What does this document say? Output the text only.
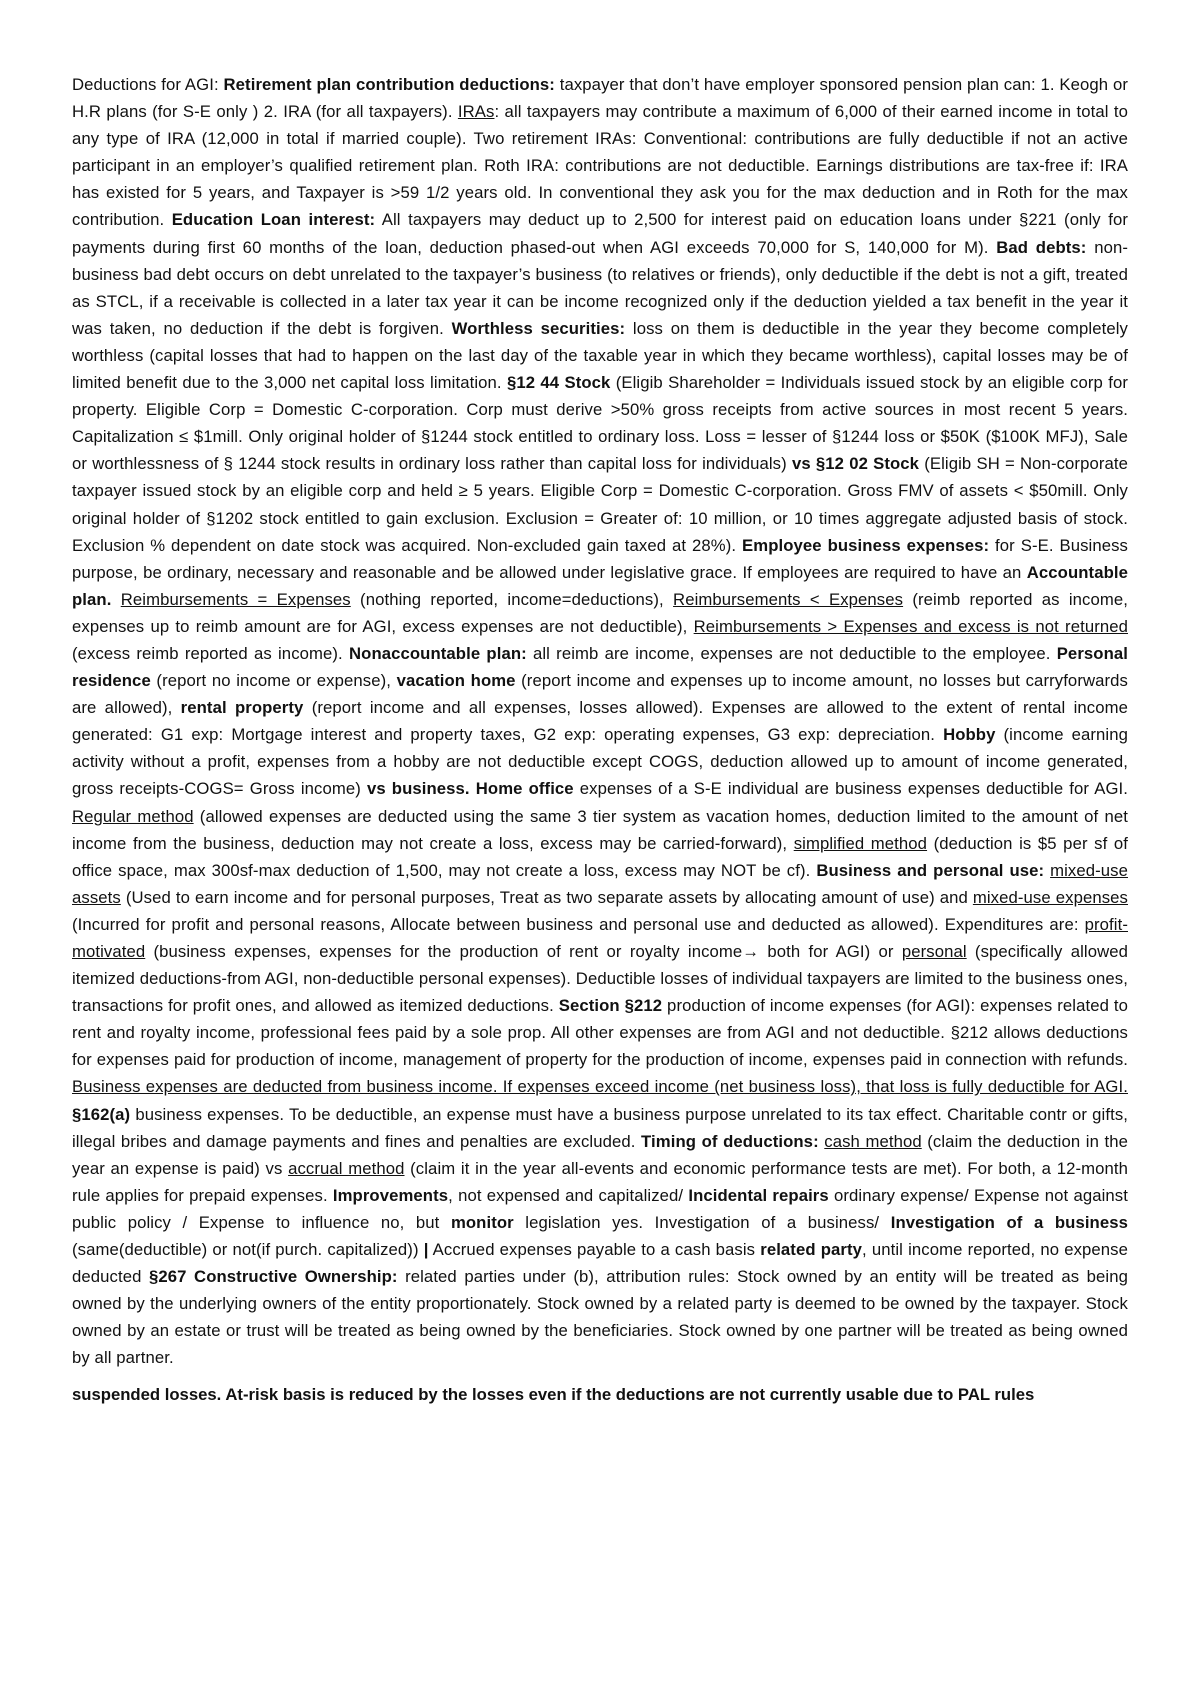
Deductions for AGI: Retirement plan contribution deductions: taxpayer that don’t have employer sponsored pension plan can: 1. Keogh or H.R plans (for S-E only ) 2. IRA (for all taxpayers). IRAs: all taxpayers may contribute a maximum of 6,000 of their earned income in total to any type of IRA (12,000 in total if married couple). Two retirement IRAs: Conventional: contributions are fully deductible if not an active participant in an employer’s qualified retirement plan. Roth IRA: contributions are not deductible. Earnings distributions are tax-free if: IRA has existed for 5 years, and Taxpayer is >59 1/2 years old. In conventional they ask you for the max deduction and in Roth for the max contribution. Education Loan interest: All taxpayers may deduct up to 2,500 for interest paid on education loans under §221 (only for payments during first 60 months of the loan, deduction phased-out when AGI exceeds 70,000 for S, 140,000 for M). Bad debts: non-business bad debt occurs on debt unrelated to the taxpayer’s business (to relatives or friends), only deductible if the debt is not a gift, treated as STCL, if a receivable is collected in a later tax year it can be income recognized only if the deduction yielded a tax benefit in the year it was taken, no deduction if the debt is forgiven. Worthless securities: loss on them is deductible in the year they become completely worthless (capital losses that had to happen on the last day of the taxable year in which they became worthless), capital losses may be of limited benefit due to the 3,000 net capital loss limitation. §12 44 Stock (Eligib Shareholder = Individuals issued stock by an eligible corp for property. Eligible Corp = Domestic C-corporation. Corp must derive >50% gross receipts from active sources in most recent 5 years. Capitalization ≤ $1mill. Only original holder of §1244 stock entitled to ordinary loss. Loss = lesser of §1244 loss or $50K ($100K MFJ), Sale or worthlessness of § 1244 stock results in ordinary loss rather than capital loss for individuals) vs §12 02 Stock (Eligib SH = Non-corporate taxpayer issued stock by an eligible corp and held ≥ 5 years. Eligible Corp = Domestic C-corporation. Gross FMV of assets < $50mill. Only original holder of §1202 stock entitled to gain exclusion. Exclusion = Greater of: 10 million, or 10 times aggregate adjusted basis of stock. Exclusion % dependent on date stock was acquired. Non-excluded gain taxed at 28%). Employee business expenses: for S-E. Business purpose, be ordinary, necessary and reasonable and be allowed under legislative grace. If employees are required to have an Accountable plan. Reimbursements = Expenses (nothing reported, income=deductions), Reimbursements < Expenses (reimb reported as income, expenses up to reimb amount are for AGI, excess expenses are not deductible), Reimbursements > Expenses and excess is not returned (excess reimb reported as income). Nonaccountable plan: all reimb are income, expenses are not deductible to the employee. Personal residence (report no income or expense), vacation home (report income and expenses up to income amount, no losses but carryforwards are allowed), rental property (report income and all expenses, losses allowed). Expenses are allowed to the extent of rental income generated: G1 exp: Mortgage interest and property taxes, G2 exp: operating expenses, G3 exp: depreciation. Hobby (income earning activity without a profit, expenses from a hobby are not deductible except COGS, deduction allowed up to amount of income generated, gross receipts-COGS= Gross income) vs business. Home office expenses of a S-E individual are business expenses deductible for AGI. Regular method (allowed expenses are deducted using the same 3 tier system as vacation homes, deduction limited to the amount of net income from the business, deduction may not create a loss, excess may be carried-forward), simplified method (deduction is $5 per sf of office space, max 300sf-max deduction of 1,500, may not create a loss, excess may NOT be cf). Business and personal use: mixed-use assets (Used to earn income and for personal purposes, Treat as two separate assets by allocating amount of use) and mixed-use expenses (Incurred for profit and personal reasons, Allocate between business and personal use and deducted as allowed). Expenditures are: profit-motivated (business expenses, expenses for the production of rent or royalty income→ both for AGI) or personal (specifically allowed itemized deductions-from AGI, non-deductible personal expenses). Deductible losses of individual taxpayers are limited to the business ones, transactions for profit ones, and allowed as itemized deductions. Section §212 production of income expenses (for AGI): expenses related to rent and royalty income, professional fees paid by a sole prop. All other expenses are from AGI and not deductible. §212 allows deductions for expenses paid for production of income, management of property for the production of income, expenses paid in connection with refunds. Business expenses are deducted from business income. If expenses exceed income (net business loss), that loss is fully deductible for AGI. §162(a) business expenses. To be deductible, an expense must have a business purpose unrelated to its tax effect. Charitable contr or gifts, illegal bribes and damage payments and fines and penalties are excluded. Timing of deductions: cash method (claim the deduction in the year an expense is paid) vs accrual method (claim it in the year all-events and economic performance tests are met). For both, a 12-month rule applies for prepaid expenses. Improvements, not expensed and capitalized/ Incidental repairs ordinary expense/ Expense not against public policy / Expense to influence no, but monitor legislation yes. Investigation of a business/ Investigation of a business (same(deductible) or not(if purch. capitalized)) | Accrued expenses payable to a cash basis related party, until income reported, no expense deducted §267 Constructive Ownership: related parties under (b), attribution rules: Stock owned by an entity will be treated as being owned by the underlying owners of the entity proportionately. Stock owned by a related party is deemed to be owned by the taxpayer. Stock owned by an estate or trust will be treated as being owned by the beneficiaries. Stock owned by one partner will be treated as being owned by all partner.

suspended losses. At-risk basis is reduced by the losses even if the deductions are not currently usable due to PAL rules
